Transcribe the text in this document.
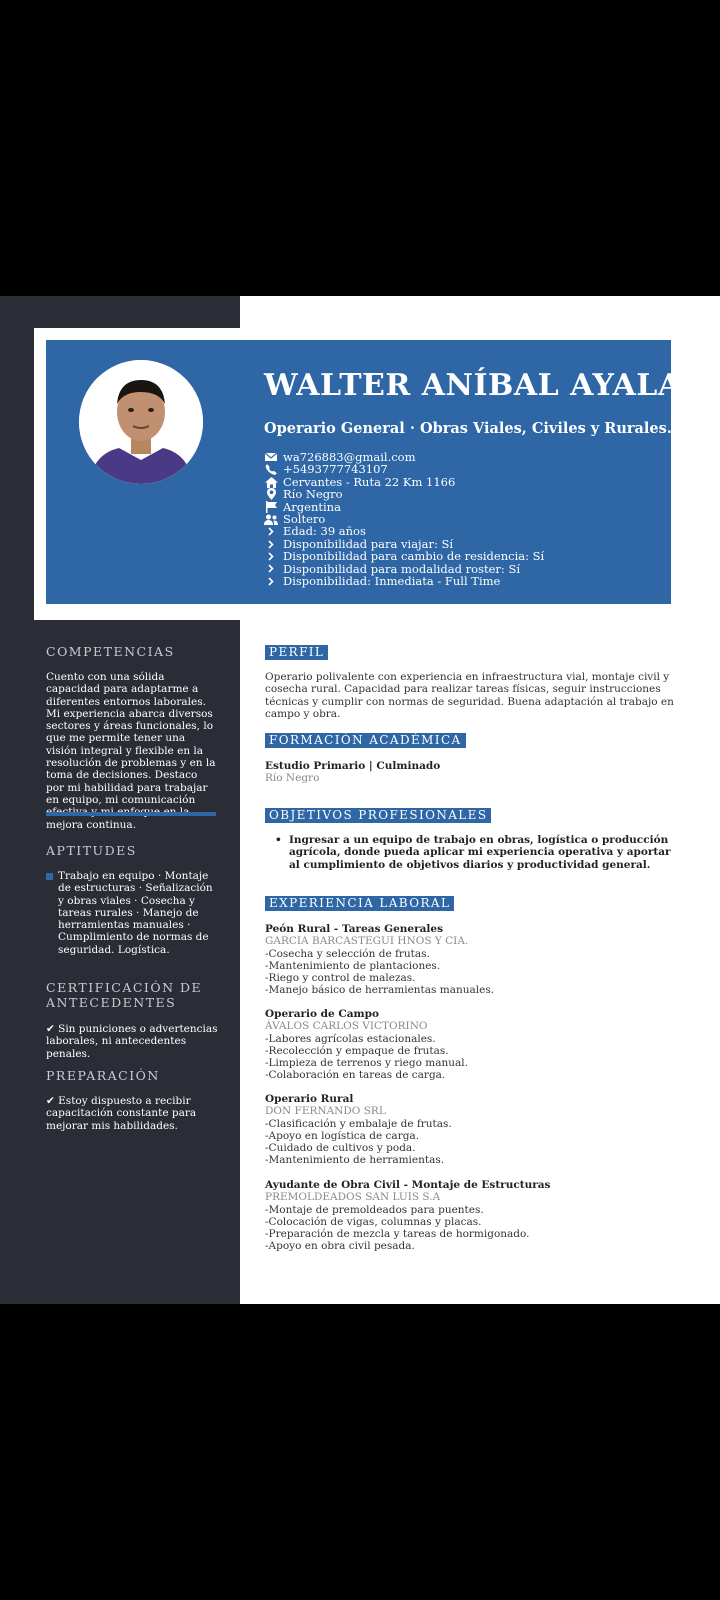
WALTER ANÍBAL AYALA
Operario General · Obras Viales, Civiles y Rurales.
wa726883@gmail.com
+5493777743107
Cervantes - Ruta 22 Km 1166
Río Negro
Argentina
Soltero
Edad: 39 años
Disponibilidad para viajar: Sí
Disponibilidad para cambio de residencia: Sí
Disponibilidad para modalidad roster: Sí
Disponibilidad: Inmediata - Full Time
COMPETENCIAS
Cuento con una sólida capacidad para adaptarme a diferentes entornos laborales. Mi experiencia abarca diversos sectores y áreas funcionales, lo que me permite tener una visión integral y flexible en la resolución de problemas y en la toma de decisiones. Destaco por mi habilidad para trabajar en equipo, mi comunicación mejora continua.
APTITUDES
Trabajo en equipo · Montaje de estructuras · Señalización y obras viales · Cosecha y tareas rurales · Manejo de herramientas manuales · Cumplimiento de normas de seguridad. Logística.
CERTIFICACIÓN DE ANTECEDENTES
✔ Sin puniciones o advertencias laborales, ni antecedentes penales.
PREPARACIÓN
✔ Estoy dispuesto a recibir capacitación constante para mejorar mis habilidades.
PERFIL
Operario polivalente con experiencia en infraestructura vial, montaje civil y cosecha rural. Capacidad para realizar tareas físicas, seguir instrucciones técnicas y cumplir con normas de seguridad. Buena adaptación al trabajo en campo y obra.
FORMACIÓN ACADÉMICA
Estudio Primario | Culminado
Río Negro
OBJETIVOS PROFESIONALES
• Ingresar a un equipo de trabajo en obras, logística o producción agrícola, donde pueda aplicar mi experiencia operativa y aportar al cumplimiento de objetivos diarios y productividad general.
EXPERIENCIA LABORAL
Peón Rural - Tareas Generales
GARCIA BARCASTEGUI HNOS Y CIA.
-Cosecha y selección de frutas.
-Mantenimiento de plantaciones.
-Riego y control de malezas.
-Manejo básico de herramientas manuales.
Operario de Campo
ÁVALOS CARLOS VICTORINO
-Labores agrícolas estacionales.
-Recolección y empaque de frutas.
-Limpieza de terrenos y riego manual.
-Colaboración en tareas de carga.
Operario Rural
DON FERNANDO SRL
-Clasificación y embalaje de frutas.
-Apoyo en logística de carga.
-Cuidado de cultivos y poda.
-Mantenimiento de herramientas.
Ayudante de Obra Civil - Montaje de Estructuras
PREMOLDEADOS SAN LUIS S.A
-Montaje de premoldeados para puentes.
-Colocación de vigas, columnas y placas.
-Preparación de mezcla y tareas de hormigonado.
-Apoyo en obra civil pesada.
